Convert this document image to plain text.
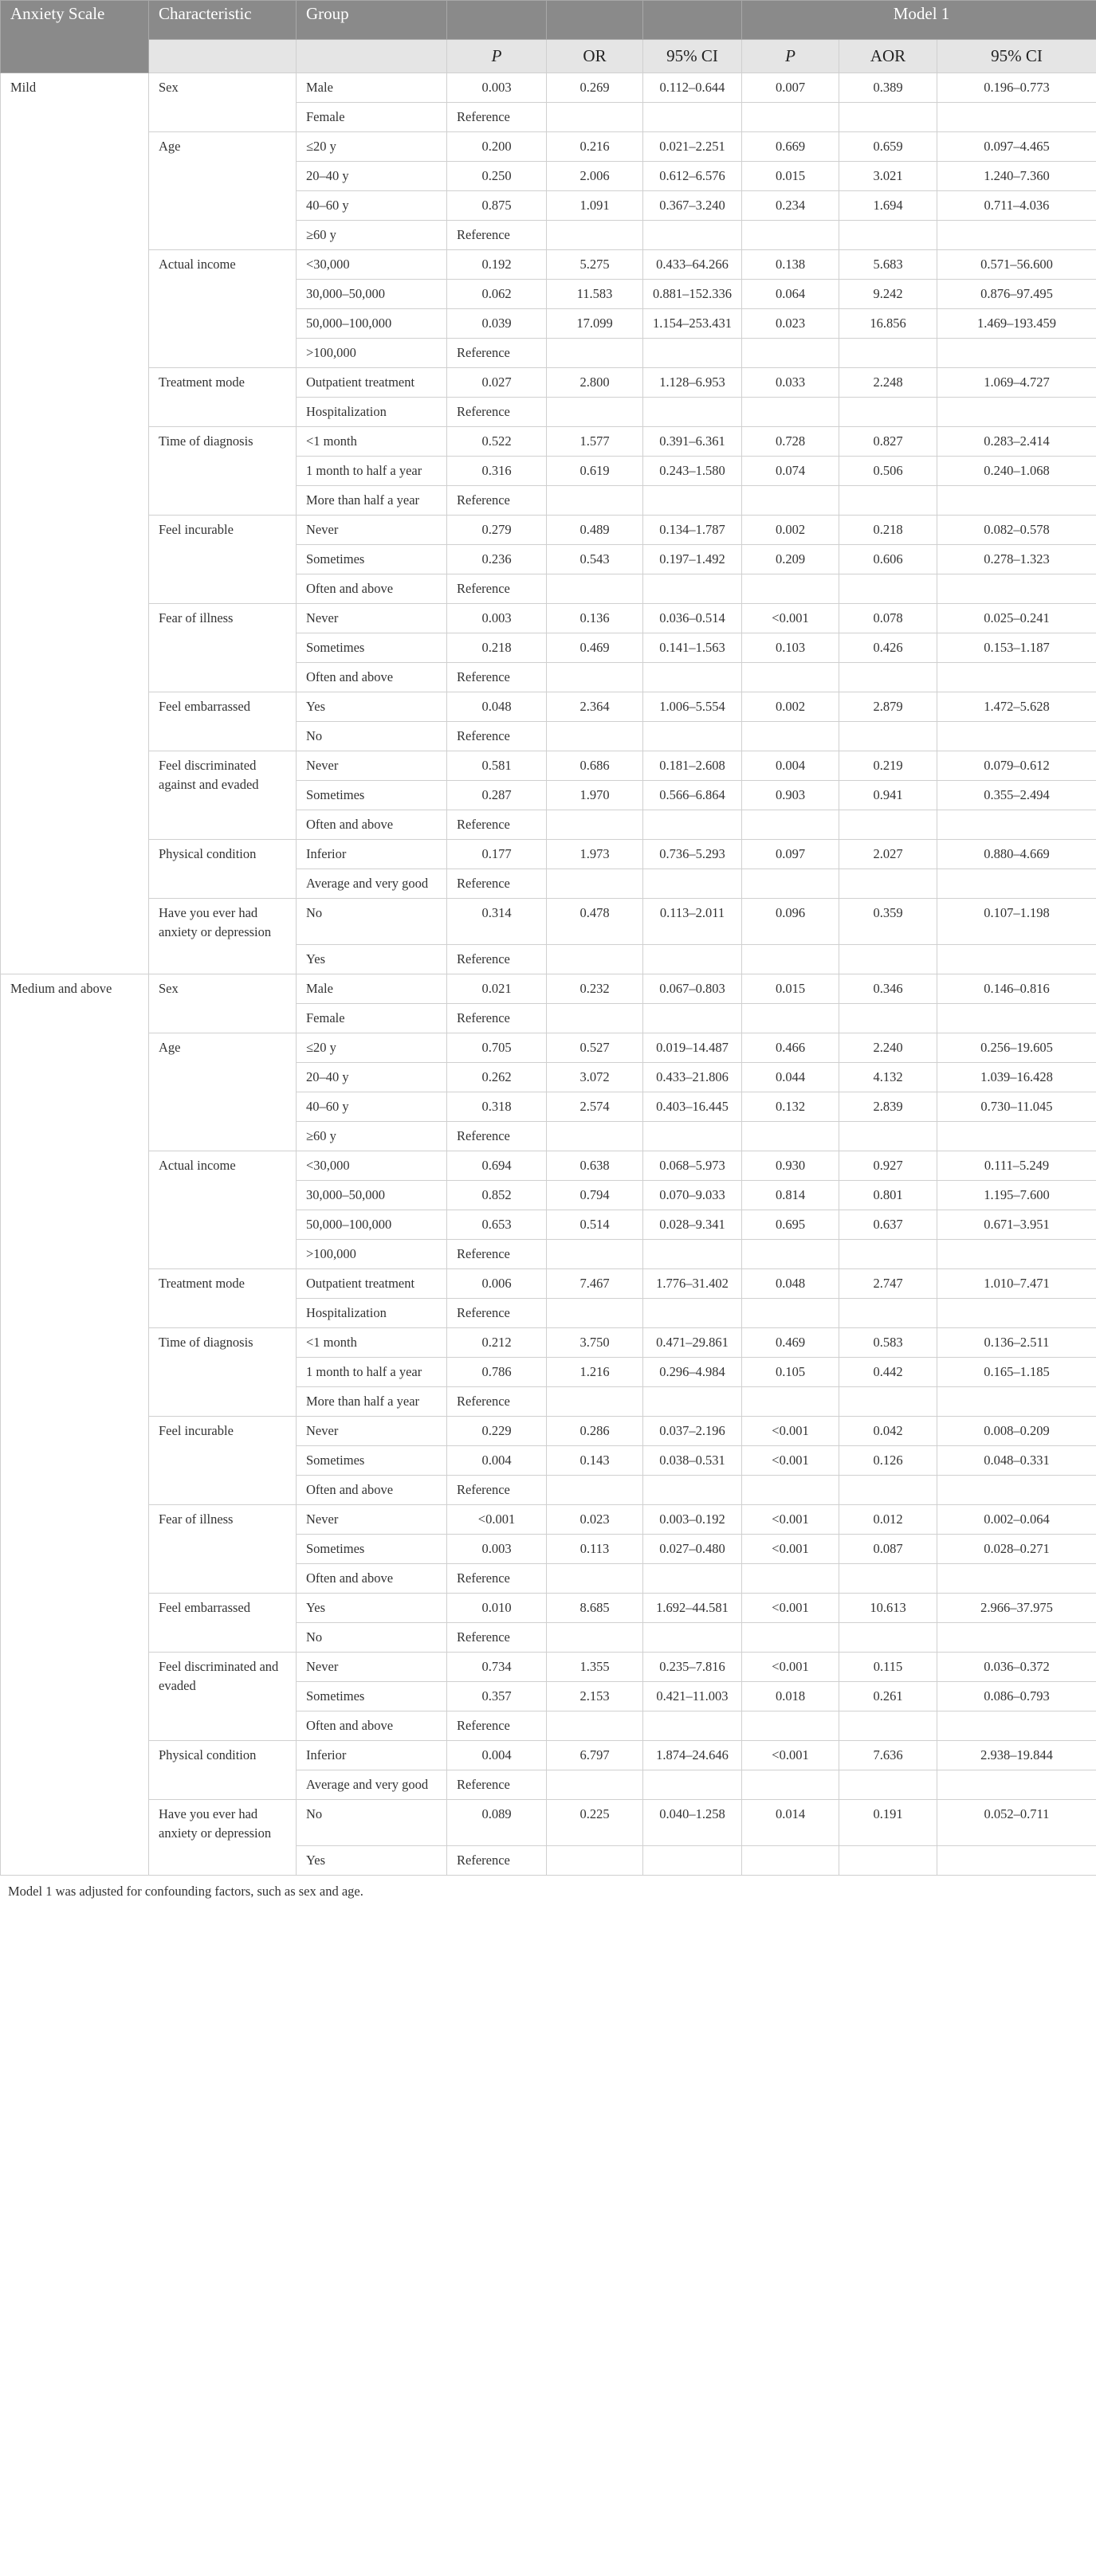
Anxiety Scale	Characteristic	Group				Model 1		
			P	OR	95% CI	P	AOR	95% CI
Mild	Sex	Male	0.003	0.269	0.112–0.644	0.007	0.389	0.196–0.773
		Female	Reference					
	Age	≤20 y	0.200	0.216	0.021–2.251	0.669	0.659	0.097–4.465
		20–40 y	0.250	2.006	0.612–6.576	0.015	3.021	1.240–7.360
		40–60 y	0.875	1.091	0.367–3.240	0.234	1.694	0.711–4.036
		≥60 y	Reference					
	Actual income	<30,000	0.192	5.275	0.433–64.266	0.138	5.683	0.571–56.600
		30,000–50,000	0.062	11.583	0.881–152.336	0.064	9.242	0.876–97.495
		50,000–100,000	0.039	17.099	1.154–253.431	0.023	16.856	1.469–193.459
		>100,000	Reference					
	Treatment mode	Outpatient treatment	0.027	2.800	1.128–6.953	0.033	2.248	1.069–4.727
		Hospitalization	Reference					
	Time of diagnosis	<1 month	0.522	1.577	0.391–6.361	0.728	0.827	0.283–2.414
		1 month to half a year	0.316	0.619	0.243–1.580	0.074	0.506	0.240–1.068
		More than half a year	Reference					
	Feel incurable	Never	0.279	0.489	0.134–1.787	0.002	0.218	0.082–0.578
		Sometimes	0.236	0.543	0.197–1.492	0.209	0.606	0.278–1.323
		Often and above	Reference					
	Fear of illness	Never	0.003	0.136	0.036–0.514	<0.001	0.078	0.025–0.241
		Sometimes	0.218	0.469	0.141–1.563	0.103	0.426	0.153–1.187
		Often and above	Reference					
	Feel embarrassed	Yes	0.048	2.364	1.006–5.554	0.002	2.879	1.472–5.628
		No	Reference					
	Feel discriminated against and evaded	Never	0.581	0.686	0.181–2.608	0.004	0.219	0.079–0.612
		Sometimes	0.287	1.970	0.566–6.864	0.903	0.941	0.355–2.494
		Often and above	Reference					
	Physical condition	Inferior	0.177	1.973	0.736–5.293	0.097	2.027	0.880–4.669
		Average and very good	Reference					
	Have you ever had anxiety or depression	No	0.314	0.478	0.113–2.011	0.096	0.359	0.107–1.198
		Yes	Reference					
Medium and above	Sex	Male	0.021	0.232	0.067–0.803	0.015	0.346	0.146–0.816
		Female	Reference					
	Age	≤20 y	0.705	0.527	0.019–14.487	0.466	2.240	0.256–19.605
		20–40 y	0.262	3.072	0.433–21.806	0.044	4.132	1.039–16.428
		40–60 y	0.318	2.574	0.403–16.445	0.132	2.839	0.730–11.045
		≥60 y	Reference					
	Actual income	<30,000	0.694	0.638	0.068–5.973	0.930	0.927	0.111–5.249
		30,000–50,000	0.852	0.794	0.070–9.033	0.814	0.801	1.195–7.600
		50,000–100,000	0.653	0.514	0.028–9.341	0.695	0.637	0.671–3.951
		>100,000	Reference					
	Treatment mode	Outpatient treatment	0.006	7.467	1.776–31.402	0.048	2.747	1.010–7.471
		Hospitalization	Reference					
	Time of diagnosis	<1 month	0.212	3.750	0.471–29.861	0.469	0.583	0.136–2.511
		1 month to half a year	0.786	1.216	0.296–4.984	0.105	0.442	0.165–1.185
		More than half a year	Reference					
	Feel incurable	Never	0.229	0.286	0.037–2.196	<0.001	0.042	0.008–0.209
		Sometimes	0.004	0.143	0.038–0.531	<0.001	0.126	0.048–0.331
		Often and above	Reference					
	Fear of illness	Never	<0.001	0.023	0.003–0.192	<0.001	0.012	0.002–0.064
		Sometimes	0.003	0.113	0.027–0.480	<0.001	0.087	0.028–0.271
		Often and above	Reference					
	Feel embarrassed	Yes	0.010	8.685	1.692–44.581	<0.001	10.613	2.966–37.975
		No	Reference					
	Feel discriminated and evaded	Never	0.734	1.355	0.235–7.816	<0.001	0.115	0.036–0.372
		Sometimes	0.357	2.153	0.421–11.003	0.018	0.261	0.086–0.793
		Often and above	Reference					
	Physical condition	Inferior	0.004	6.797	1.874–24.646	<0.001	7.636	2.938–19.844
		Average and very good	Reference					
	Have you ever had anxiety or depression	No	0.089	0.225	0.040–1.258	0.014	0.191	0.052–0.711
		Yes	Reference					
Model 1 was adjusted for confounding factors, such as sex and age.
